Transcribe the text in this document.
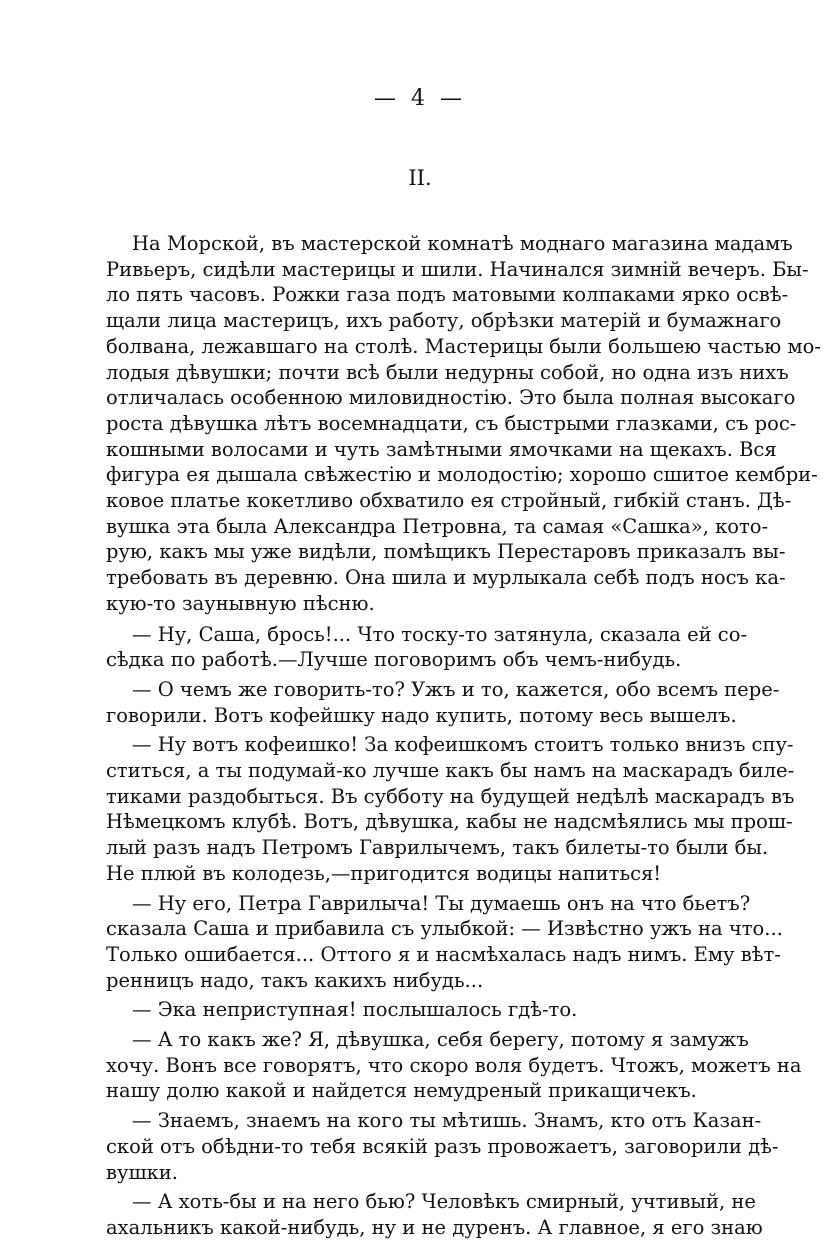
— 4 —
II.
На Морской, въ мастерской комнатѣ моднаго магазина мадамъ
Ривьеръ, сидѣли мастерицы и шили. Начинался зимній вечеръ. Бы-
ло пять часовъ. Рожки газа подъ матовыми колпаками ярко освѣ-
щали лица мастерицъ, ихъ работу, обрѣзки матерій и бумажнаго
болвана, лежавшаго на столѣ. Мастерицы были большею частью мо-
лодыя дѣвушки; почти всѣ были недурны собой, но одна изъ нихъ
отличалась особенною миловидностію. Это была полная высокаго
роста дѣвушка лѣтъ восемнадцати, съ быстрыми глазками, съ рос-
кошными волосами и чуть замѣтными ямочками на щекахъ. Вся
фигура ея дышала свѣжестію и молодостію; хорошо сшитое кембри-
ковое платье кокетливо обхватило ея стройный, гибкій станъ. Дѣ-
вушка эта была Александра Петровна, та самая «Сашка», кото-
рую, какъ мы уже видѣли, помѣщикъ Перестаровъ приказалъ вы-
требовать въ деревню. Она шила и мурлыкала себѣ подъ носъ ка-
кую-то заунывную пѣсню.
— Ну, Саша, брось!... Что тоску-то затянула, сказала ей со-
сѣдка по работѣ.—Лучше поговоримъ объ чемъ-нибудь.
— О чемъ же говорить-то? Ужъ и то, кажется, обо всемъ пере-
говорили. Вотъ кофейшку надо купить, потому весь вышелъ.
— Ну вотъ кофеишко! За кофеишкомъ стоитъ только внизъ спу-
ститься, а ты подумай-ко лучше какъ бы намъ на маскарадъ биле-
тиками раздобыться. Въ субботу на будущей недѣлѣ маскарадъ въ
Нѣмецкомъ клубѣ. Вотъ, дѣвушка, кабы не надсмѣялись мы прош-
лый разъ надъ Петромъ Гаврилычемъ, такъ билеты-то были бы.
Не плюй въ колодезь,—пригодится водицы напиться!
— Ну его, Петра Гаврилыча! Ты думаешь онъ на что бьетъ?
сказала Саша и прибавила съ улыбкой: — Извѣстно ужъ на что...
Только ошибается... Оттого я и насмѣхалась надъ нимъ. Ему вѣт-
ренницъ надо, такъ какихъ нибудь...
— Эка неприступная! послышалось гдѣ-то.
— А то какъ же? Я, дѣвушка, себя берегу, потому я замужъ
хочу. Вонъ все говорятъ, что скоро воля будетъ. Чтожъ, можетъ на
нашу долю какой и найдется немудреный прикащичекъ.
— Знаемъ, знаемъ на кого ты мѣтишь. Знамъ, кто отъ Казан-
ской отъ обѣдни-то тебя всякій разъ провожаетъ, заговорили дѣ-
вушки.
— А хоть-бы и на него бью? Человѣкъ смирный, учтивый, не
ахальникъ какой-нибудь, ну и не дуренъ. А главное, я его знаю
